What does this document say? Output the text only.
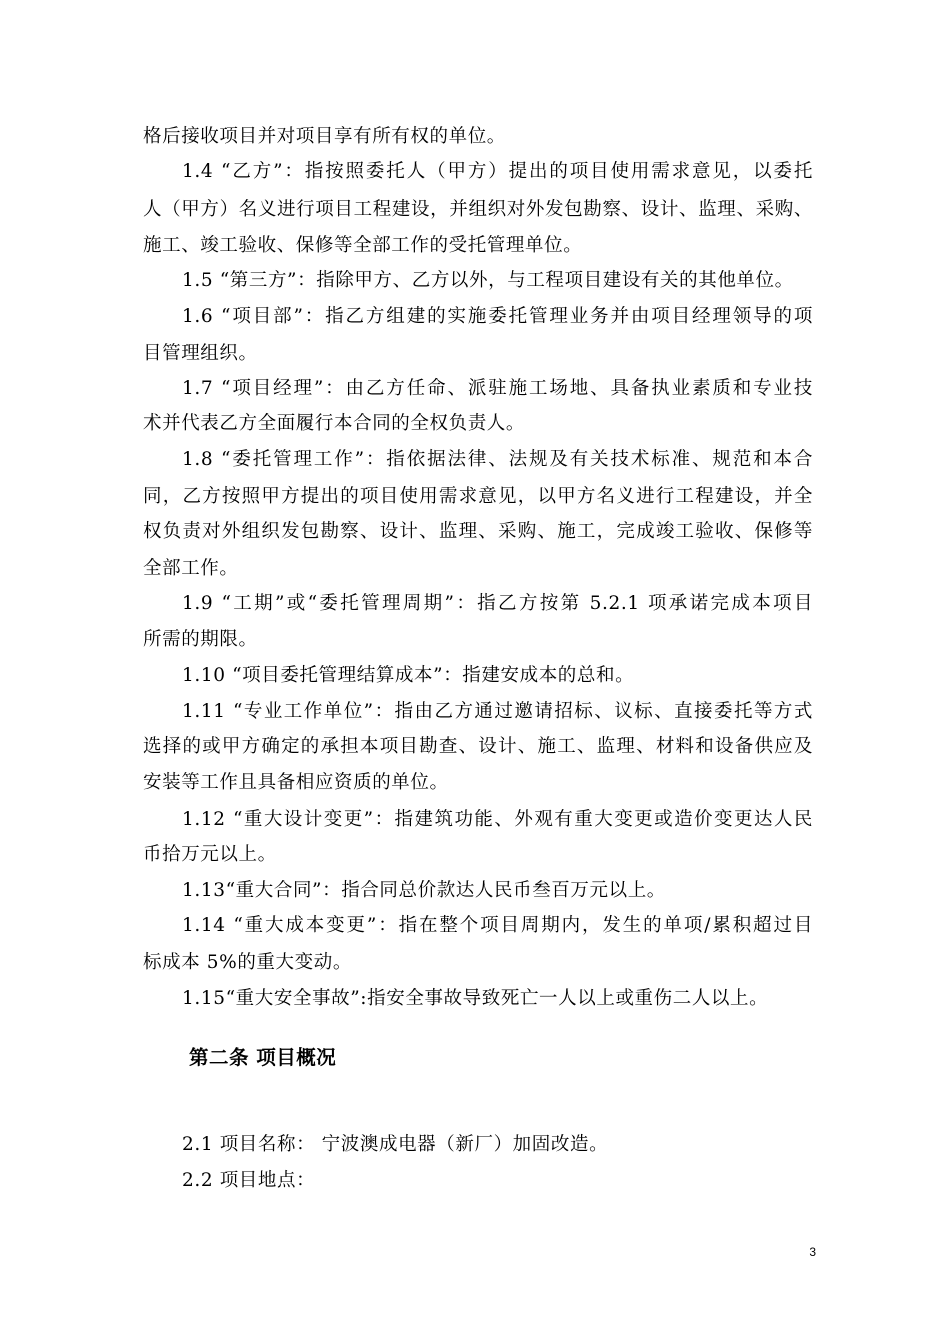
格后接收项目并对项目享有所有权的单位。
1.4 “乙方”：指按照委托人（甲方）提出的项目使用需求意见，以委托
人（甲方）名义进行项目工程建设，并组织对外发包勘察、设计、监理、采购、
施工、竣工验收、保修等全部工作的受托管理单位。
1.5 “第三方”：指除甲方、乙方以外，与工程项目建设有关的其他单位。
1.6 “项目部”：指乙方组建的实施委托管理业务并由项目经理领导的项
目管理组织。
1.7 “项目经理”：由乙方任命、派驻施工场地、具备执业素质和专业技
术并代表乙方全面履行本合同的全权负责人。
1.8 “委托管理工作”：指依据法律、法规及有关技术标准、规范和本合
同，乙方按照甲方提出的项目使用需求意见，以甲方名义进行工程建设，并全
权负责对外组织发包勘察、设计、监理、采购、施工，完成竣工验收、保修等
全部工作。
1.9 “工期”或“委托管理周期”：指乙方按第 5.2.1 项承诺完成本项目
所需的期限。
1.10 “项目委托管理结算成本”：指建安成本的总和。
1.11 “专业工作单位”：指由乙方通过邀请招标、议标、直接委托等方式
选择的或甲方确定的承担本项目勘查、设计、施工、监理、材料和设备供应及
安装等工作且具备相应资质的单位。
1.12 “重大设计变更”：指建筑功能、外观有重大变更或造价变更达人民
币拾万元以上。
1.13“重大合同”：指合同总价款达人民币叁百万元以上。
1.14 “重大成本变更”：指在整个项目周期内，发生的单项/累积超过目
标成本 5%的重大变动。
1.15“重大安全事故”:指安全事故导致死亡一人以上或重伤二人以上。
第二条 项目概况
2.1 项目名称： 宁波澳成电器（新厂）加固改造。
2.2 项目地点：
3
